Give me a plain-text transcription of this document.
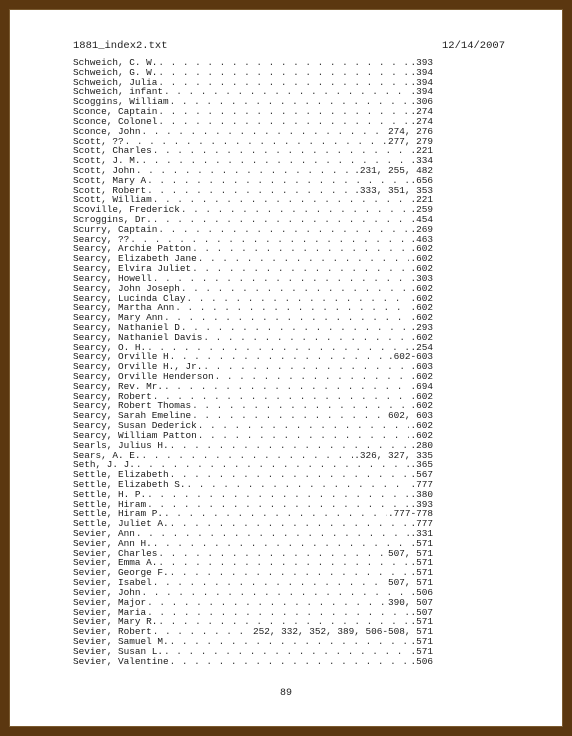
1881_index2.txt	12/14/2007
Schweich, C. W. . . .	.393
Schweich, G. W. . . .	.394
Schweich, Julia . . .	.394
Schweich, infant . . .	.394
Scoggins, William . . .	.306
Sconce, Captain . . .	.274
Sconce, Colonel . . .	.274
Sconce, John . . .	274, 276
Scott, ?? . . .	277, 279
Scott, Charles . . .	.221
Scott, J. M. . . .	.334
Scott, John . . .	.231, 255, 482
Scott, Mary A . . .	.656
Scott, Robert . . .	.333, 351, 353
Scott, William . . .	.221
Scoville, Frederick . . .	.259
Scroggins, Dr. . . .	.454
Scurry, Captain . . .	.269
Searcy, ?? . . .	.463
Searcy, Archie Patton . . .	.602
Searcy, Elizabeth Jane . . .	.602
Searcy, Elvira Juliet . . .	.602
Searcy, Howell . . .	.303
Searcy, John Joseph . . .	.602
Searcy, Lucinda Clay . . .	.602
Searcy, Martha Ann . . .	.602
Searcy, Mary Ann . . .	.602
Searcy, Nathaniel D . . .	.293
Searcy, Nathaniel Davis . . .	.602
Searcy, O. H. . . .	.254
Searcy, Orville H . . .	.602-603
Searcy, Orville H., Jr. . . .	.603
Searcy, Orville Henderson . . .	.602
Searcy, Rev. Mr. . . .	.694
Searcy, Robert . . .	.602
Searcy, Robert Thomas . . .	.602
Searcy, Sarah Emeline . . .	602, 603
Searcy, Susan Dederick . . .	.602
Searcy, William Patton . . .	.602
Searls, Julius H. . . .	.280
Sears, A. E. . . .	.326, 327, 335
Seth, J. J. . . .	.365
Settle, Elizabeth . . .	.567
Settle, Elizabeth S. . . .	.777
Settle, H. P. . . .	.380
Settle, Hiram . . .	.393
Settle, Hiram P. . . .	.777-778
Settle, Juliet A. . . .	.777
Sevier, Ann . . .	.331
Sevier, Ann H. . . .	.571
Sevier, Charles . . .	507, 571
Sevier, Emma A. . . .	.571
Sevier, George F. . . .	.571
Sevier, Isabel . . .	507, 571
Sevier, John . . .	.506
Sevier, Major . . .	390, 507
Sevier, Maria . . .	.507
Sevier, Mary R. . . .	.571
Sevier, Robert . . .	252, 332, 352, 389, 506-508, 571
Sevier, Samuel M. . . .	.571
Sevier, Susan L. . . .	.571
Sevier, Valentine . . .	.506
89
